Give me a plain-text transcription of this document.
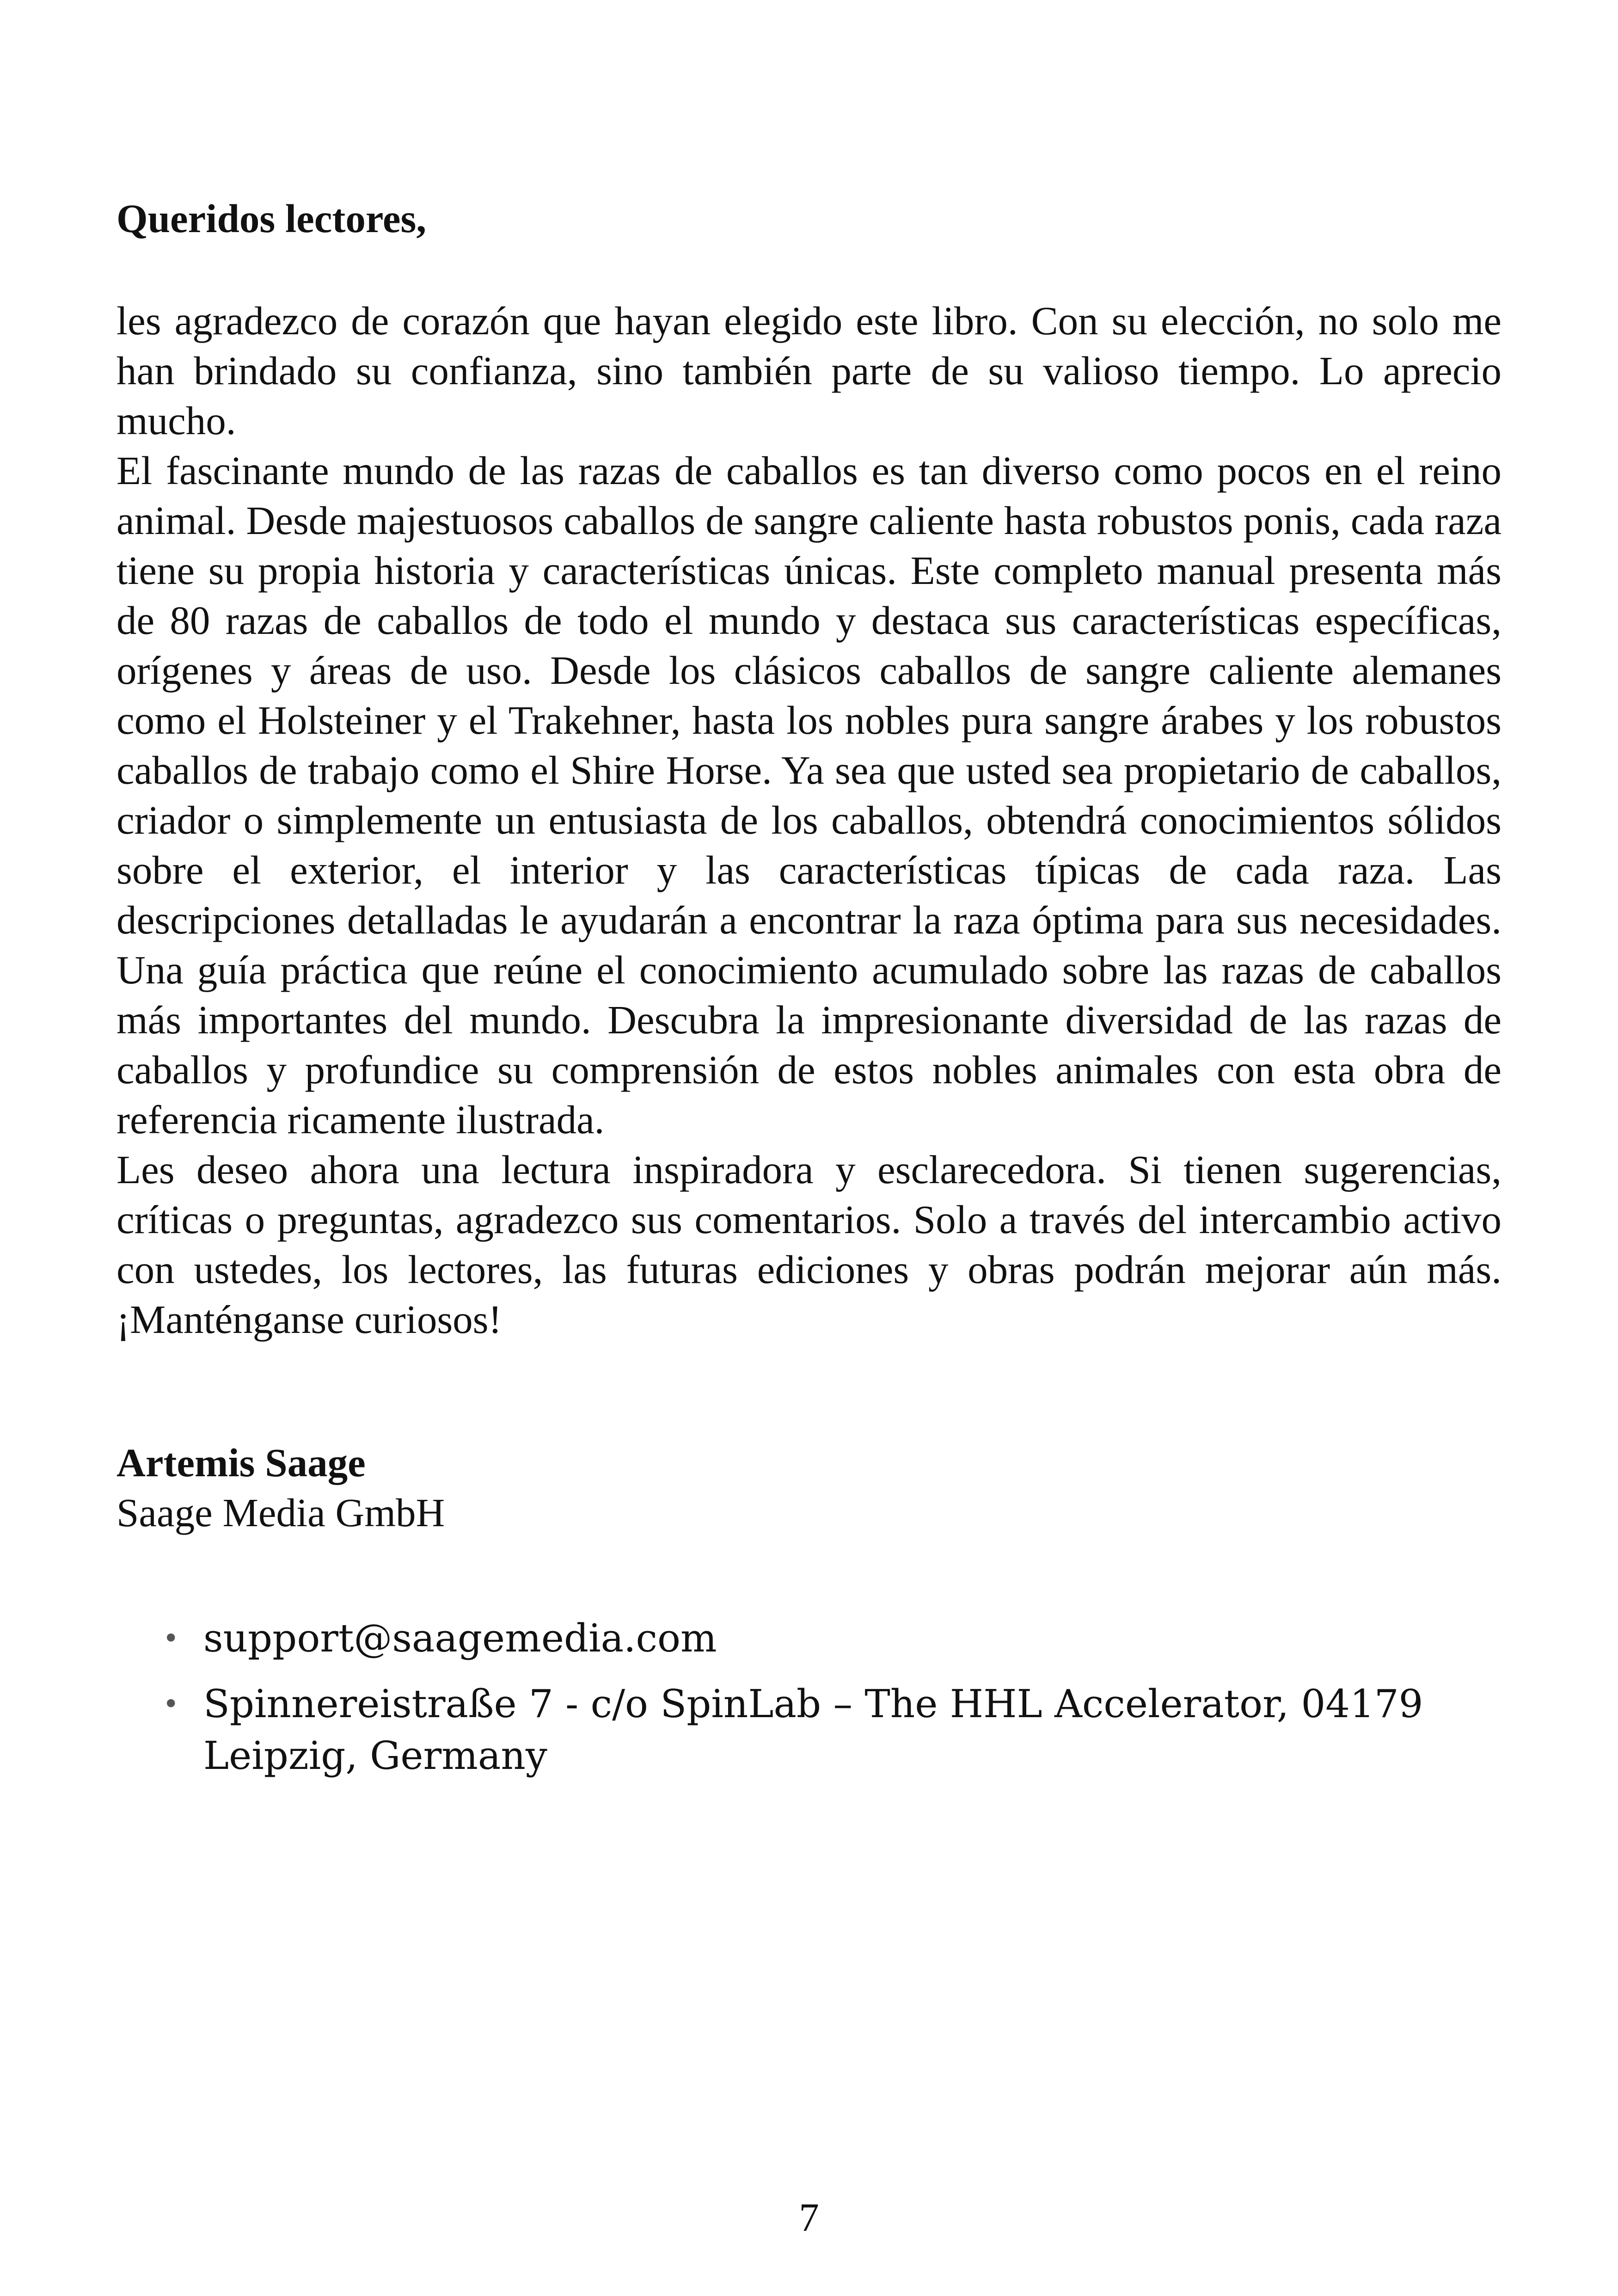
Queridos lectores,

les agradezco de corazón que hayan elegido este libro. Con su elección, no solo me han brindado su confianza, sino también parte de su valioso tiempo. Lo aprecio mucho.

El fascinante mundo de las razas de caballos es tan diverso como pocos en el reino animal. Desde majestuosos caballos de sangre caliente hasta robustos ponis, cada raza tiene su propia historia y características únicas. Este completo manual presenta más de 80 razas de caballos de todo el mundo y destaca sus características específicas, orígenes y áreas de uso. Desde los clásicos caballos de sangre caliente alemanes como el Holsteiner y el Trakehner, hasta los nobles pura sangre árabes y los robustos caballos de trabajo como el Shire Horse. Ya sea que usted sea propietario de caballos, criador o simplemente un entusiasta de los caballos, obtendrá conocimientos sólidos sobre el exterior, el interior y las características típicas de cada raza. Las descripciones detalladas le ayudarán a encontrar la raza óptima para sus necesidades. Una guía práctica que reúne el conocimiento acumulado sobre las razas de caballos más importantes del mundo. Descubra la impresionante diversidad de las razas de caballos y profundice su comprensión de estos nobles animales con esta obra de referencia ricamente ilustrada.

Les deseo ahora una lectura inspiradora y esclarecedora. Si tienen sugerencias, críticas o preguntas, agradezco sus comentarios. Solo a través del intercambio activo con ustedes, los lectores, las futuras ediciones y obras podrán mejorar aún más. ¡Manténganse curiosos!

Artemis Saage

Saage Media GmbH

• support@saagemedia.com
• Spinnereistraße 7 - c/o SpinLab – The HHL Accelerator, 04179
Leipzig, Germany
7
